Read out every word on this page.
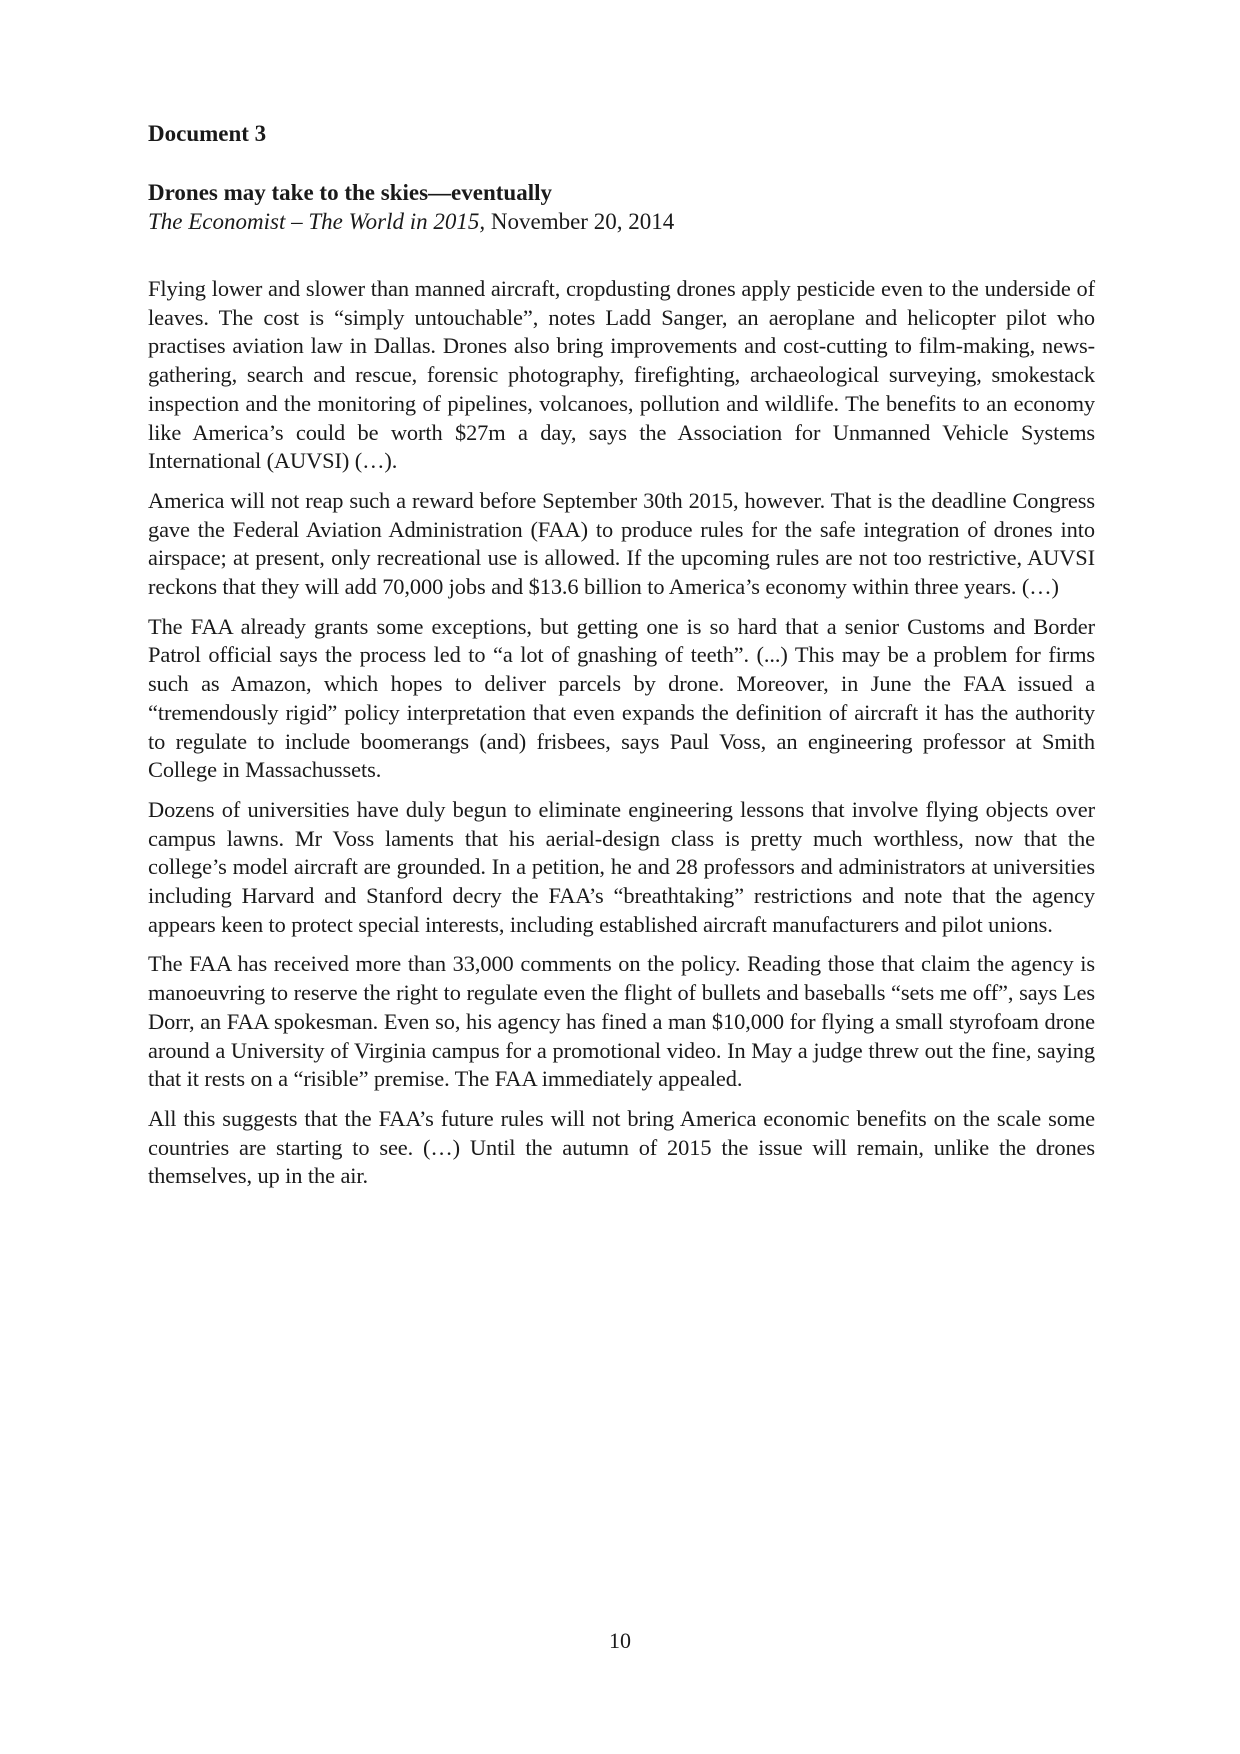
Document 3

Drones may take to the skies—eventually

The Economist – The World in 2015, November 20, 2014

Flying lower and slower than manned aircraft, cropdusting drones apply pesticide even to the underside of leaves. The cost is “simply untouchable”, notes Ladd Sanger, an aeroplane and helicopter pilot who practises aviation law in Dallas. Drones also bring improvements and cost-cutting to film-making, news-gathering, search and rescue, forensic photography, firefighting, archaeological surveying, smokestack inspection and the monitoring of pipelines, volcanoes, pollution and wildlife. The benefits to an economy like America’s could be worth $27m a day, says the Association for Unmanned Vehicle Systems International (AUVSI) (…).

America will not reap such a reward before September 30th 2015, however. That is the deadline Congress gave the Federal Aviation Administration (FAA) to produce rules for the safe integration of drones into airspace; at present, only recreational use is allowed. If the upcoming rules are not too restrictive, AUVSI reckons that they will add 70,000 jobs and $13.6 billion to America’s economy within three years. (…)

The FAA already grants some exceptions, but getting one is so hard that a senior Customs and Border Patrol official says the process led to “a lot of gnashing of teeth”. (...) This may be a problem for firms such as Amazon, which hopes to deliver parcels by drone. Moreover, in June the FAA issued a “tremendously rigid” policy interpretation that even expands the definition of aircraft it has the authority to regulate to include boomerangs (and) frisbees, says Paul Voss, an engineering professor at Smith College in Massachussets.

Dozens of universities have duly begun to eliminate engineering lessons that involve flying objects over campus lawns. Mr Voss laments that his aerial-design class is pretty much worthless, now that the college’s model aircraft are grounded. In a petition, he and 28 professors and administrators at universities including Harvard and Stanford decry the FAA’s “breathtaking” restrictions and note that the agency appears keen to protect special interests, including established aircraft manufacturers and pilot unions.

The FAA has received more than 33,000 comments on the policy. Reading those that claim the agency is manoeuvring to reserve the right to regulate even the flight of bullets and baseballs “sets me off”, says Les Dorr, an FAA spokesman. Even so, his agency has fined a man $10,000 for flying a small styrofoam drone around a University of Virginia campus for a promotional video. In May a judge threw out the fine, saying that it rests on a “risible” premise. The FAA immediately appealed.

All this suggests that the FAA’s future rules will not bring America economic benefits on the scale some countries are starting to see. (…) Until the autumn of 2015 the issue will remain, unlike the drones themselves, up in the air.

10
